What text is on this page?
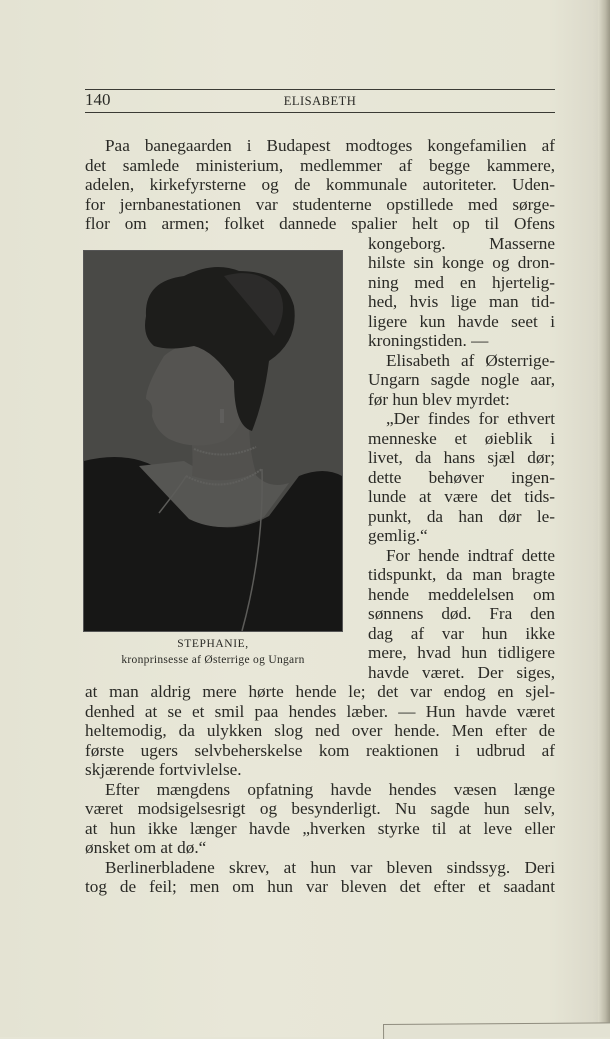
140	ELISABETH
Paa banegaarden i Budapest modtoges kongefamilien af
det samlede ministerium, medlemmer af begge kammere,
adelen, kirkefyrsterne og de kommunale autoriteter. Uden-
for jernbanestationen var studenterne opstillede med sørge-
flor om armen; folket dannede spalier helt op til Ofens
kongeborg. Masserne
hilste sin konge og dron-
ning med en hjertelig-
hed, hvis lige man tid-
ligere kun havde seet i
kroningstiden. —
Elisabeth af Østerrige-
Ungarn sagde nogle aar,
før hun blev myrdet:
„Der findes for ethvert
menneske et øieblik i
livet, da hans sjæl dør;
dette behøver ingen-
lunde at være det tids-
punkt, da han dør le-
gemlig.“
For hende indtraf dette
tidspunkt, da man bragte
hende meddelelsen om
sønnens død. Fra den
dag af var hun ikke
mere, hvad hun tidligere
havde været. Der siges,
STEPHANIE,
kronprinsesse af Østerrige og Ungarn
at man aldrig mere hørte hende le; det var endog en sjel-
denhed at se et smil paa hendes læber. — Hun havde været
heltemodig, da ulykken slog ned over hende. Men efter de
første ugers selvbeherskelse kom reaktionen i udbrud af
skjærende fortvivlelse.
Efter mængdens opfatning havde hendes væsen længe
været modsigelsesrigt og besynderligt. Nu sagde hun selv,
at hun ikke længer havde „hverken styrke til at leve eller
ønsket om at dø.“
Berlinerbladene skrev, at hun var bleven sindssyg. Deri
tog de feil; men om hun var bleven det efter et saadant
